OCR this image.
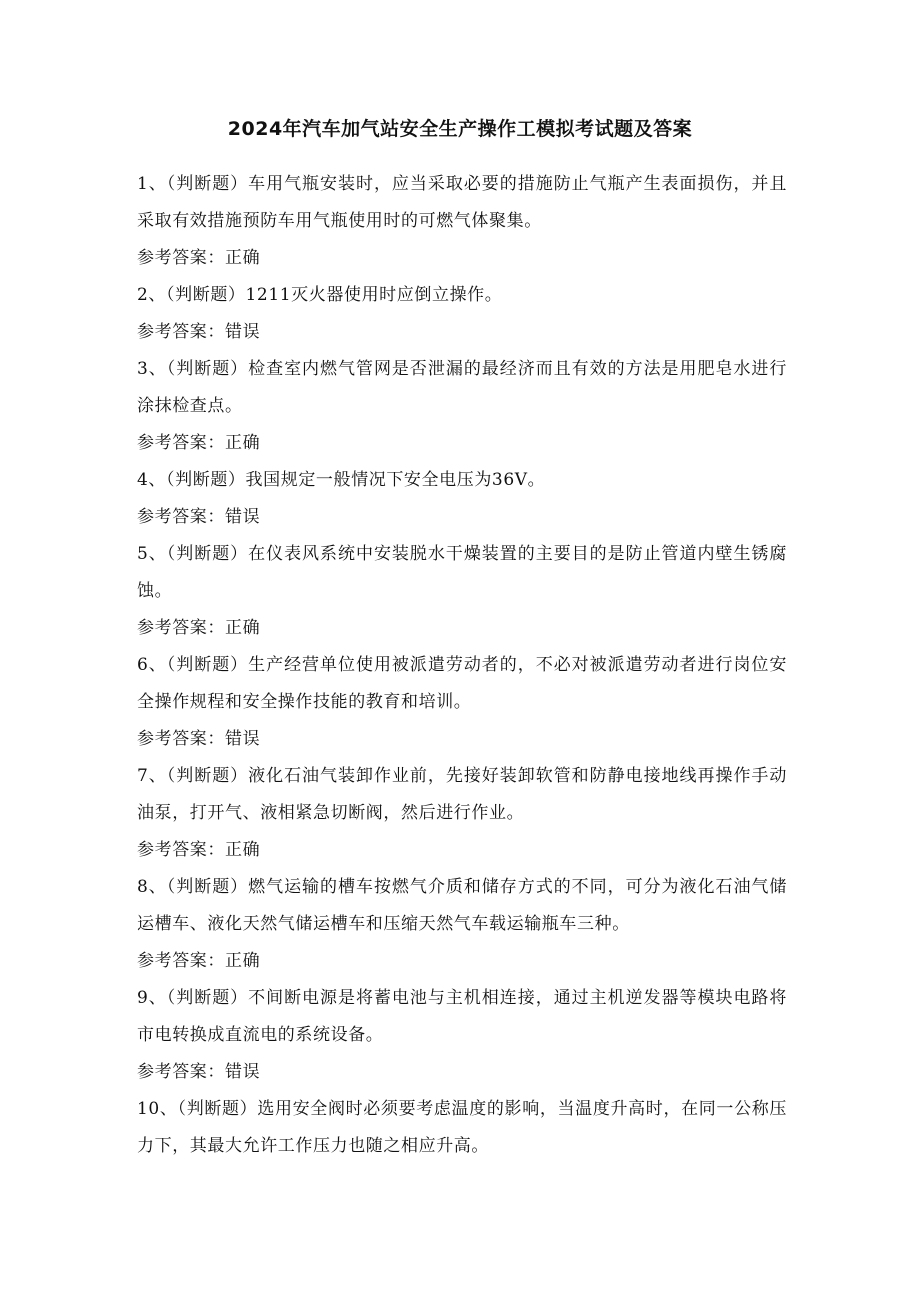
2024年汽车加气站安全生产操作工模拟考试题及答案
1、（判断题）车用气瓶安装时，应当采取必要的措施防止气瓶产生表面损伤，并且采取有效措施预防车用气瓶使用时的可燃气体聚集。
参考答案：正确
2、（判断题）1211灭火器使用时应倒立操作。
参考答案：错误
3、（判断题）检查室内燃气管网是否泄漏的最经济而且有效的方法是用肥皂水进行涂抹检查点。
参考答案：正确
4、（判断题）我国规定一般情况下安全电压为36V。
参考答案：错误
5、（判断题）在仪表风系统中安装脱水干燥装置的主要目的是防止管道内壁生锈腐蚀。
参考答案：正确
6、（判断题）生产经营单位使用被派遣劳动者的，不必对被派遣劳动者进行岗位安全操作规程和安全操作技能的教育和培训。
参考答案：错误
7、（判断题）液化石油气装卸作业前，先接好装卸软管和防静电接地线再操作手动油泵，打开气、液相紧急切断阀，然后进行作业。
参考答案：正确
8、（判断题）燃气运输的槽车按燃气介质和储存方式的不同，可分为液化石油气储运槽车、液化天然气储运槽车和压缩天然气车载运输瓶车三种。
参考答案：正确
9、（判断题）不间断电源是将蓄电池与主机相连接，通过主机逆发器等模块电路将市电转换成直流电的系统设备。
参考答案：错误
10、（判断题）选用安全阀时必须要考虑温度的影响，当温度升高时，在同一公称压力下，其最大允许工作压力也随之相应升高。
